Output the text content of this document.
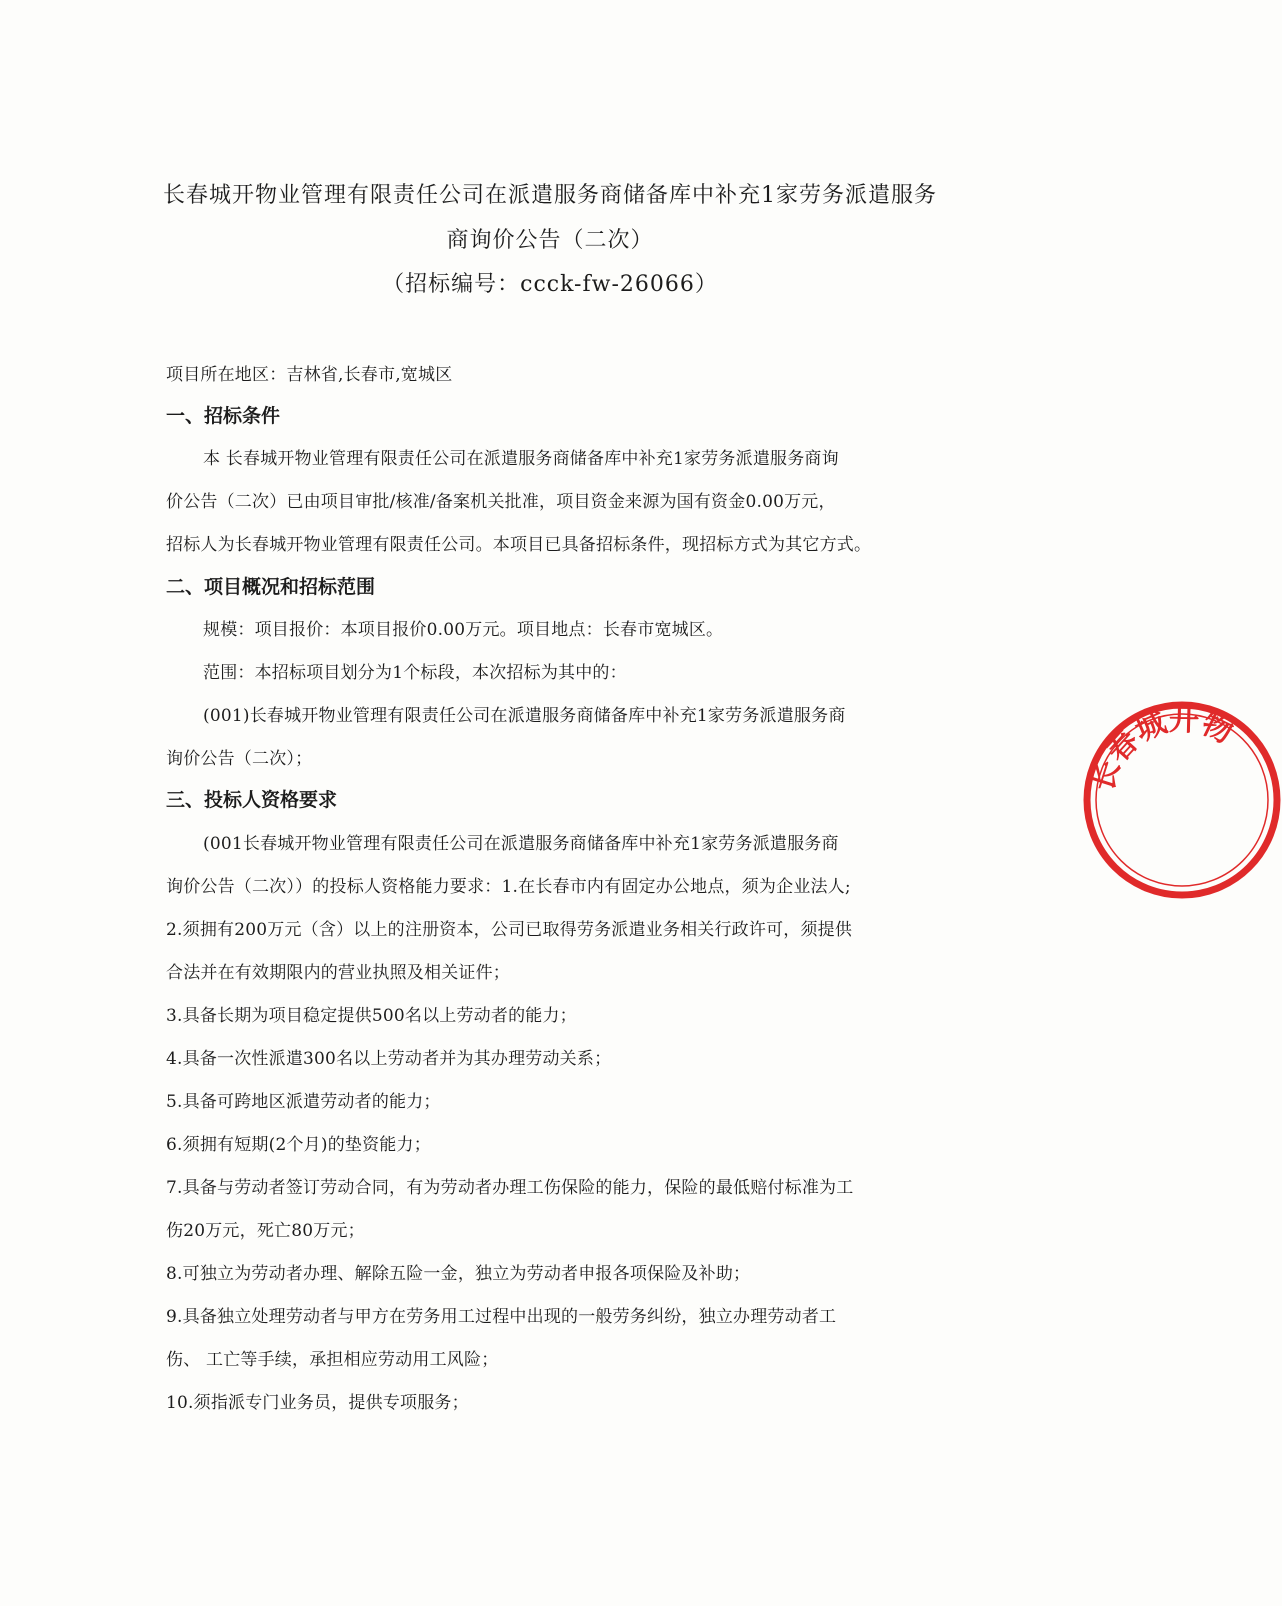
长春城开物业管理有限责任公司在派遣服务商储备库中补充1家劳务派遣服务
商询价公告（二次）
（招标编号：ccck-fw-26066）
项目所在地区：吉林省,长春市,宽城区
一、招标条件
本 长春城开物业管理有限责任公司在派遣服务商储备库中补充1家劳务派遣服务商询
价公告（二次）已由项目审批/核准/备案机关批准，项目资金来源为国有资金0.00万元，
招标人为长春城开物业管理有限责任公司。本项目已具备招标条件，现招标方式为其它方式。
二、项目概况和招标范围
规模：项目报价：本项目报价0.00万元。项目地点：长春市宽城区。
范围：本招标项目划分为1个标段，本次招标为其中的：
(001)长春城开物业管理有限责任公司在派遣服务商储备库中补充1家劳务派遣服务商
询价公告（二次）；
三、投标人资格要求
(001长春城开物业管理有限责任公司在派遣服务商储备库中补充1家劳务派遣服务商
询价公告（二次））的投标人资格能力要求：1.在长春市内有固定办公地点，须为企业法人;
2.须拥有200万元（含）以上的注册资本，公司已取得劳务派遣业务相关行政许可，须提供
合法并在有效期限内的营业执照及相关证件；
3.具备长期为项目稳定提供500名以上劳动者的能力；
4.具备一次性派遣300名以上劳动者并为其办理劳动关系；
5.具备可跨地区派遣劳动者的能力；
6.须拥有短期(2个月)的垫资能力；
7.具备与劳动者签订劳动合同，有为劳动者办理工伤保险的能力，保险的最低赔付标准为工
伤20万元，死亡80万元；
8.可独立为劳动者办理、解除五险一金，独立为劳动者申报各项保险及补助；
9.具备独立处理劳动者与甲方在劳务用工过程中出现的一般劳务纠纷，独立办理劳动者工
伤、 工亡等手续，承担相应劳动用工风险；
10.须指派专门业务员，提供专项服务；
长春城开物
